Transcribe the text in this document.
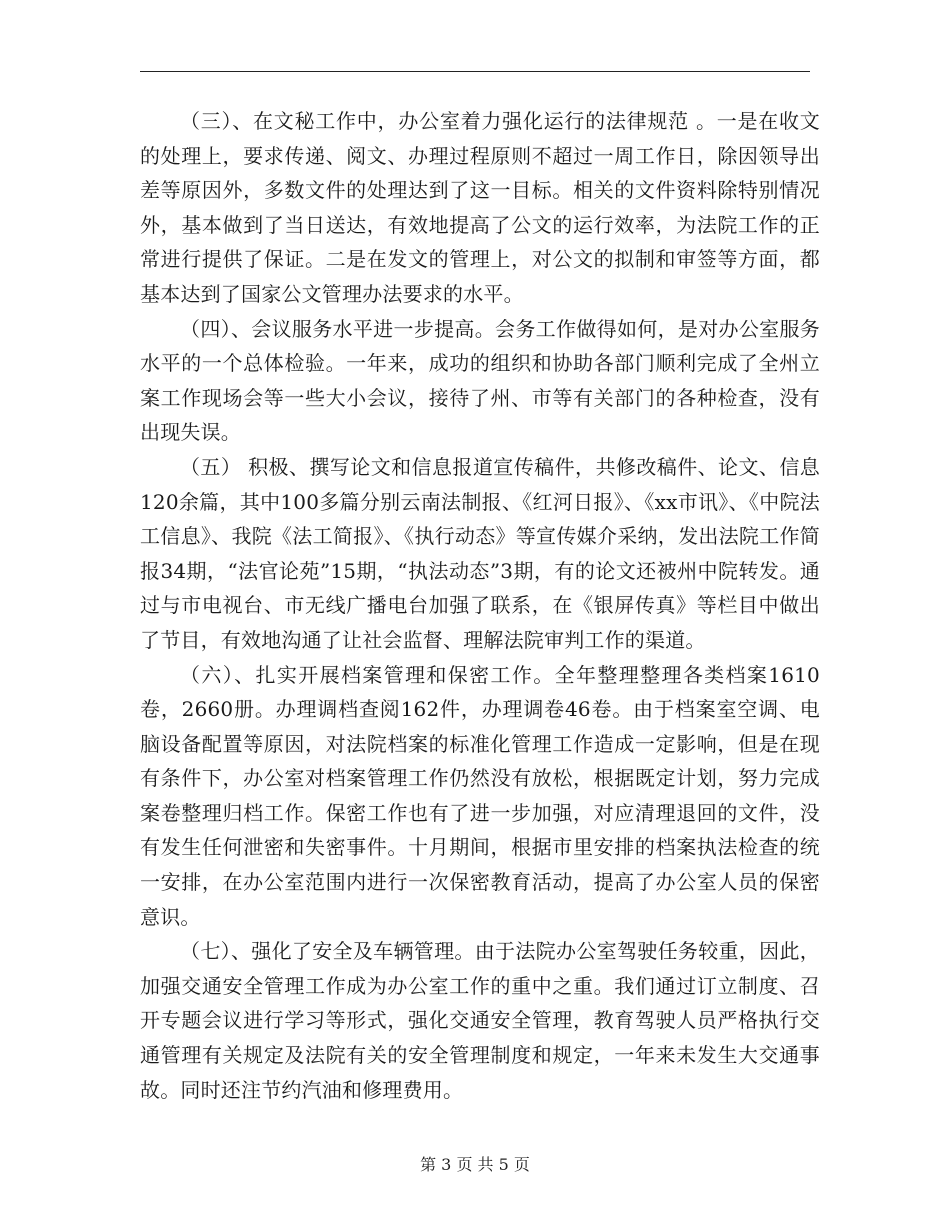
（三）、在文秘工作中，办公室着力强化运行的法律规范 。一是在收文的处理上，要求传递、阅文、办理过程原则不超过一周工作日，除因领导出差等原因外，多数文件的处理达到了这一目标。相关的文件资料除特别情况外，基本做到了当日送达，有效地提高了公文的运行效率，为法院工作的正常进行提供了保证。二是在发文的管理上，对公文的拟制和审签等方面，都基本达到了国家公文管理办法要求的水平。

（四）、会议服务水平进一步提高。会务工作做得如何，是对办公室服务水平的一个总体检验。一年来，成功的组织和协助各部门顺利完成了全州立案工作现场会等一些大小会议，接待了州、市等有关部门的各种检查，没有出现失误。

（五） 积极、撰写论文和信息报道宣传稿件，共修改稿件、论文、信息120余篇，其中100多篇分别云南法制报、《红河日报》、《xx市讯》、《中院法工信息》、我院《法工简报》、《执行动态》等宣传媒介采纳，发出法院工作简报34期，“法官论苑”15期，“执法动态”3期，有的论文还被州中院转发。通过与市电视台、市无线广播电台加强了联系，在《银屏传真》等栏目中做出了节目，有效地沟通了让社会监督、理解法院审判工作的渠道。

（六）、扎实开展档案管理和保密工作。全年整理整理各类档案1610卷，2660册。办理调档查阅162件，办理调卷46卷。由于档案室空调、电脑设备配置等原因，对法院档案的标准化管理工作造成一定影响，但是在现有条件下，办公室对档案管理工作仍然没有放松，根据既定计划，努力完成案卷整理归档工作。保密工作也有了进一步加强，对应清理退回的文件，没有发生任何泄密和失密事件。十月期间，根据市里安排的档案执法检查的统一安排，在办公室范围内进行一次保密教育活动，提高了办公室人员的保密意识。

（七）、强化了安全及车辆管理。由于法院办公室驾驶任务较重，因此，加强交通安全管理工作成为办公室工作的重中之重。我们通过订立制度、召开专题会议进行学习等形式，强化交通安全管理，教育驾驶人员严格执行交通管理有关规定及法院有关的安全管理制度和规定，一年来未发生大交通事故。同时还注节约汽油和修理费用。

第 3 页 共 5 页
